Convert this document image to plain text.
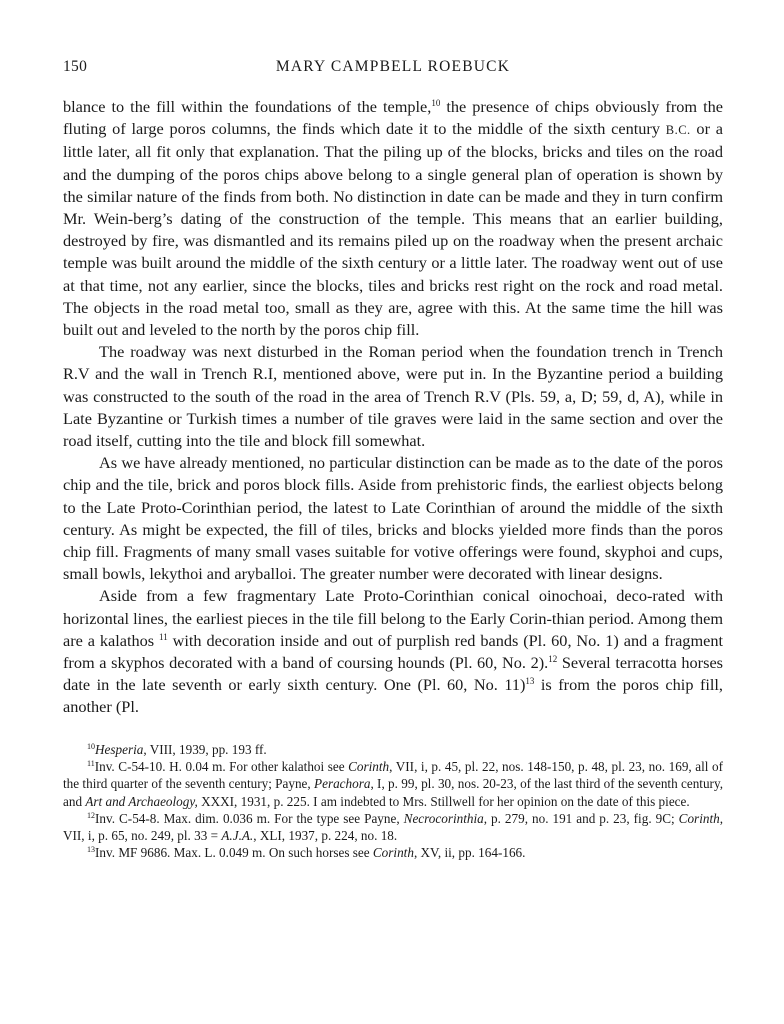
150	MARY CAMPBELL ROEBUCK

blance to the fill within the foundations of the temple,$^{10}$ the presence of chips obviously from the fluting of large poros columns, the finds which date it to the middle of the sixth century B.C. or a little later, all fit only that explanation. That the piling up of the blocks, bricks and tiles on the road and the dumping of the poros chips above belong to a single general plan of operation is shown by the similar nature of the finds from both. No distinction in date can be made and they in turn confirm Mr. Wein-berg’s dating of the construction of the temple. This means that an earlier building, destroyed by fire, was dismantled and its remains piled up on the roadway when the present archaic temple was built around the middle of the sixth century or a little later. The roadway went out of use at that time, not any earlier, since the blocks, tiles and bricks rest right on the rock and road metal. The objects in the road metal too, small as they are, agree with this. At the same time the hill was built out and leveled to the north by the poros chip fill.

The roadway was next disturbed in the Roman period when the foundation trench in Trench R.V and the wall in Trench R.I, mentioned above, were put in. In the Byzantine period a building was constructed to the south of the road in the area of Trench R.V (Pls. 59, a, D; 59, d, A), while in Late Byzantine or Turkish times a number of tile graves were laid in the same section and over the road itself, cutting into the tile and block fill somewhat.

As we have already mentioned, no particular distinction can be made as to the date of the poros chip and the tile, brick and poros block fills. Aside from prehistoric finds, the earliest objects belong to the Late Proto-Corinthian period, the latest to Late Corinthian of around the middle of the sixth century. As might be expected, the fill of tiles, bricks and blocks yielded more finds than the poros chip fill. Fragments of many small vases suitable for votive offerings were found, skyphoi and cups, small bowls, lekythoi and aryballoi. The greater number were decorated with linear designs.

Aside from a few fragmentary Late Proto-Corinthian conical oinochoai, deco-rated with horizontal lines, the earliest pieces in the tile fill belong to the Early Corin-thian period. Among them are a kalathos $^{11}$ with decoration inside and out of purplish red bands (Pl. 60, No. 1) and a fragment from a skyphos decorated with a band of coursing hounds (Pl. 60, No. 2).$^{12}$ Several terracotta horses date in the late seventh or early sixth century. One (Pl. 60, No. 11)$^{13}$ is from the poros chip fill, another (Pl.

$^{10}$Hesperia, VIII, 1939, pp. 193 ff.

$^{11}$Inv. C-54-10. H. 0.04 m. For other kalathoi see Corinth, VII, i, p. 45, pl. 22, nos. 148-150, p. 48, pl. 23, no. 169, all of the third quarter of the seventh century; Payne, Perachora, I, p. 99, pl. 30, nos. 20-23, of the last third of the seventh century, and Art and Archaeology, XXXI, 1931, p. 225. I am indebted to Mrs. Stillwell for her opinion on the date of this piece.

$^{12}$Inv. C-54-8. Max. dim. 0.036 m. For the type see Payne, Necrocorinthia, p. 279, no. 191 and p. 23, fig. 9C; Corinth, VII, i, p. 65, no. 249, pl. 33 = A.J.A., XLI, 1937, p. 224, no. 18.

$^{13}$Inv. MF 9686. Max. L. 0.049 m. On such horses see Corinth, XV, ii, pp. 164-166.
